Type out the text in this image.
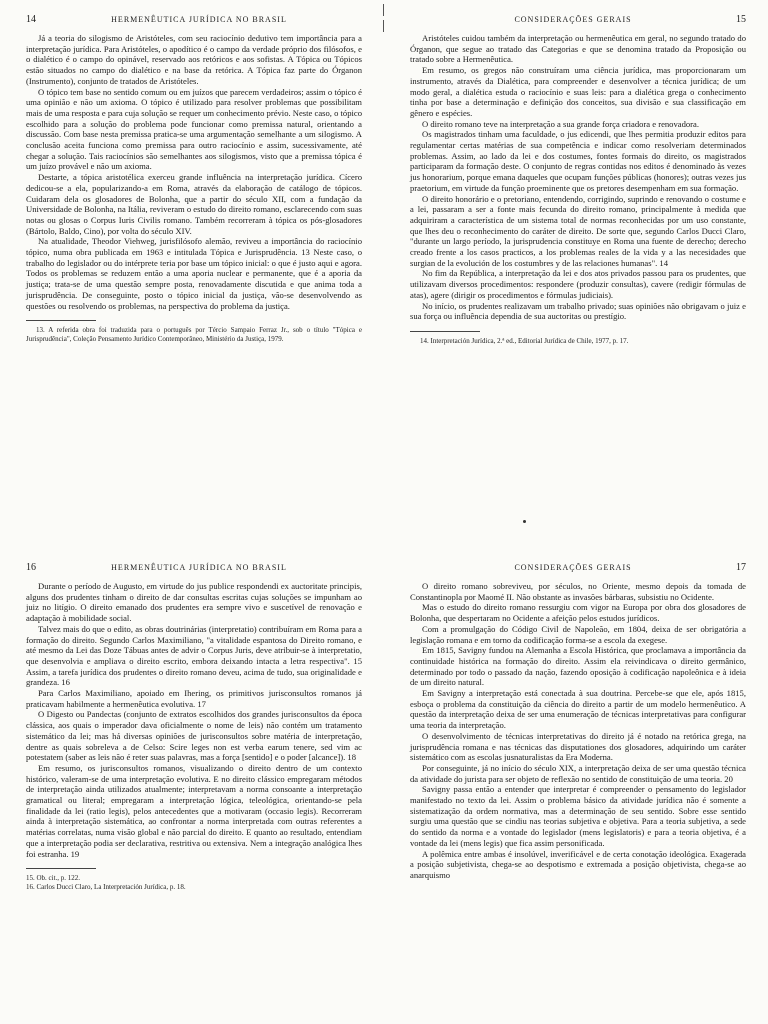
14	HERMENÊUTICA JURÍDICA NO BRASIL

Já a teoria do silogismo de Aristóteles, com seu raciocínio dedutivo tem importância para a interpretação jurídica. Para Aristóteles, o apodítico é o campo da verdade próprio dos filósofos, e o dialético é o campo do opinável, reservado aos retóricos e aos sofistas. A Tópica ou Tópicos estão situados no campo do dialético e na base da retórica. A Tópica faz parte do Órganon (Instrumento), conjunto de tratados de Aristóteles.

O tópico tem base no sentido comum ou em juízos que parecem verdadeiros; assim o tópico é uma opinião e não um axioma. O tópico é utilizado para resolver problemas que possibilitam mais de uma resposta e para cuja solução se requer um conhecimento prévio. Neste caso, o tópico escolhido para a solução do problema pode funcionar como premissa natural, orientando a discussão. Com base nesta premissa pratica-se uma argumentação semelhante a um silogismo. A conclusão aceita funciona como premissa para outro raciocínio e assim, sucessivamente, até chegar a solução. Tais raciocínios são semelhantes aos silogismos, visto que a premissa tópica é um juízo provável e não um axioma.

Destarte, a tópica aristotélica exerceu grande influência na interpretação jurídica. Cícero dedicou-se a ela, popularizando-a em Roma, através da elaboração de catálogo de tópicos. Cuidaram dela os glosadores de Bolonha, que a partir do século XII, com a fundação da Universidade de Bolonha, na Itália, reviveram o estudo do direito romano, esclarecendo com suas notas ou glosas o Corpus Iuris Civilis romano. Também recorreram à tópica os pós-glosadores (Bártolo, Baldo, Cino), por volta do século XIV.

Na atualidade, Theodor Viehweg, jurisfilósofo alemão, reviveu a importância do raciocínio tópico, numa obra publicada em 1963 e intitulada Tópica e Jurisprudência. 13 Neste caso, o trabalho do legislador ou do intérprete teria por base um tópico inicial: o que é justo aqui e agora. Todos os problemas se reduzem então a uma aporia nuclear e permanente, que é a aporia da justiça; trata-se de uma questão sempre posta, renovadamente discutida e que anima toda a jurisprudência. De conseguinte, posto o tópico inicial da justiça, vão-se desenvolvendo as questões ou resolvendo os problemas, na perspectiva do problema da justiça.

13. A referida obra foi traduzida para o português por Tércio Sampaio Ferraz Jr., sob o título "Tópica e Jurisprudência", Coleção Pensamento Jurídico Contemporâneo, Ministério da Justiça, 1979.

CONSIDERAÇÕES GERAIS	15

Aristóteles cuidou também da interpretação ou hermenêutica em geral, no segundo tratado do Órganon, que segue ao tratado das Categorias e que se denomina tratado da Proposição ou tratado sobre a Hermenêutica.

Em resumo, os gregos não construíram uma ciência jurídica, mas proporcionaram um instrumento, através da Dialética, para compreender e desenvolver a técnica jurídica; de um modo geral, a dialética estuda o raciocínio e suas leis: para a dialética grega o conhecimento tinha por base a determinação e definição dos conceitos, sua divisão e sua classificação em gênero e espécies.

O direito romano teve na interpretação a sua grande força criadora e renovadora.

Os magistrados tinham uma faculdade, o jus edicendi, que lhes permitia produzir editos para regulamentar certas matérias de sua competência e indicar como resolveriam determinados problemas. Assim, ao lado da lei e dos costumes, fontes formais do direito, os magistrados participaram da formação deste. O conjunto de regras contidas nos editos é denominado às vezes jus honorarium, porque emana daqueles que ocupam funções públicas (honores); outras vezes jus praetorium, em virtude da função proeminente que os pretores desempenham em sua formação.

O direito honorário e o pretoriano, entendendo, corrigindo, suprindo e renovando o costume e a lei, passaram a ser a fonte mais fecunda do direito romano, principalmente à medida que adquiriram a característica de um sistema total de normas reconhecidas por um uso constante, que lhes deu o reconhecimento do caráter de direito. De sorte que, segundo Carlos Ducci Claro, "durante un largo período, la jurisprudencia constituye en Roma una fuente de derecho; derecho creado frente a los casos practicos, a los problemas reales de la vida y a las necesidades que surgian de la evolución de los costumbres y de las relaciones humanas". 14

No fim da República, a interpretação da lei e dos atos privados passou para os prudentes, que utilizavam diversos procedimentos: respondere (produzir consultas), cavere (redigir fórmulas de atas), agere (dirigir os procedimentos e fórmulas judiciais).

No início, os prudentes realizavam um trabalho privado; suas opiniões não obrigavam o juiz e sua força ou influência dependia de sua auctoritas ou prestígio.

14. Interpretación Jurídica, 2.ª ed., Editorial Jurídica de Chile, 1977, p. 17.

16	HERMENÊUTICA JURÍDICA NO BRASIL

Durante o período de Augusto, em virtude do jus publice respondendi ex auctoritate principis, alguns dos prudentes tinham o direito de dar consultas escritas cujas soluções se impunham ao juiz no litígio. O direito emanado dos prudentes era sempre vivo e suscetível de renovação e adaptação à mobilidade social.

Talvez mais do que o edito, as obras doutrinárias (interpretatio) contribuíram em Roma para a formação do direito. Segundo Carlos Maximiliano, "a vitalidade espantosa do Direito romano, e até mesmo da Lei das Doze Tábuas antes de advir o Corpus Juris, deve atribuir-se à interpretatio, que desenvolvia e ampliava o direito escrito, embora deixando intacta a letra respectiva". 15 Assim, a tarefa jurídica dos prudentes o direito romano deveu, acima de tudo, sua originalidade e grandeza. 16

Para Carlos Maximiliano, apoiado em Ihering, os primitivos jurisconsultos romanos já praticavam habilmente a hermenêutica evolutiva. 17

O Digesto ou Pandectas (conjunto de extratos escolhidos dos grandes jurisconsultos da época clássica, aos quais o imperador dava oficialmente o nome de leis) não contém um tratamento sistemático da lei; mas há diversas opiniões de jurisconsultos sobre matéria de interpretação, dentre as quais sobreleva a de Celso: Scire leges non est verba earum tenere, sed vim ac potestatem (saber as leis não é reter suas palavras, mas a força [sentido] e o poder [alcance]). 18

Em resumo, os jurisconsultos romanos, visualizando o direito dentro de um contexto histórico, valeram-se de uma interpretação evolutiva. E no direito clássico empregaram métodos de interpretação ainda utilizados atualmente; interpretavam a norma consoante a interpretação gramatical ou literal; empregaram a interpretação lógica, teleológica, orientando-se pela finalidade da lei (ratio legis), pelos antecedentes que a motivaram (occasio legis). Recorreram ainda à interpretação sistemática, ao confrontar a norma interpretada com outras referentes a matérias correlatas, numa visão global e não parcial do direito. E quanto ao resultado, entendiam que a interpretação podia ser declarativa, restritiva ou extensiva. Nem a integração analógica lhes foi estranha. 19

15. Ob. cit., p. 122.

16. Carlos Ducci Claro, La Interpretación Jurídica, p. 18.

CONSIDERAÇÕES GERAIS	17

O direito romano sobreviveu, por séculos, no Oriente, mesmo depois da tomada de Constantinopla por Maomé II. Não obstante as invasões bárbaras, subsistiu no Ocidente.

Mas o estudo do direito romano ressurgiu com vigor na Europa por obra dos glosadores de Bolonha, que despertaram no Ocidente a afeição pelos estudos jurídicos.

Com a promulgação do Código Civil de Napoleão, em 1804, deixa de ser obrigatória a legislação romana e em torno da codificação forma-se a escola da exegese.

Em 1815, Savigny fundou na Alemanha a Escola Histórica, que proclamava a importância da continuidade histórica na formação do direito. Assim ela reivindicava o direito germânico, determinado por todo o passado da nação, fazendo oposição à codificação napoleônica e à ideia de um direito natural.

Em Savigny a interpretação está conectada à sua doutrina. Percebe-se que ele, após 1815, esboça o problema da constituição da ciência do direito a partir de um modelo hermenêutico. A questão da interpretação deixa de ser uma enumeração de técnicas interpretativas para configurar uma teoria da interpretação.

O desenvolvimento de técnicas interpretativas do direito já é notado na retórica grega, na jurisprudência romana e nas técnicas das disputationes dos glosadores, adquirindo um caráter sistemático com as escolas jusnaturalistas da Era Moderna.

Por conseguinte, já no início do século XIX, a interpretação deixa de ser uma questão técnica da atividade do jurista para ser objeto de reflexão no sentido de constituição de uma teoria. 20

Savigny passa então a entender que interpretar é compreender o pensamento do legislador manifestado no texto da lei. Assim o problema básico da atividade jurídica não é somente a sistematização da ordem normativa, mas a determinação de seu sentido. Sobre esse sentido surgiu uma questão que se cindiu nas teorias subjetiva e objetiva. Para a teoria subjetiva, a sede do sentido da norma e a vontade do legislador (mens legislatoris) e para a teoria objetiva, é a vontade da lei (mens legis) que fica assim personificada.

A polêmica entre ambas é insolúvel, inverificável e de certa conotação ideológica. Exagerada a posição subjetivista, chega-se ao despotismo e extremada a posição objetivista, chega-se ao anarquismo
